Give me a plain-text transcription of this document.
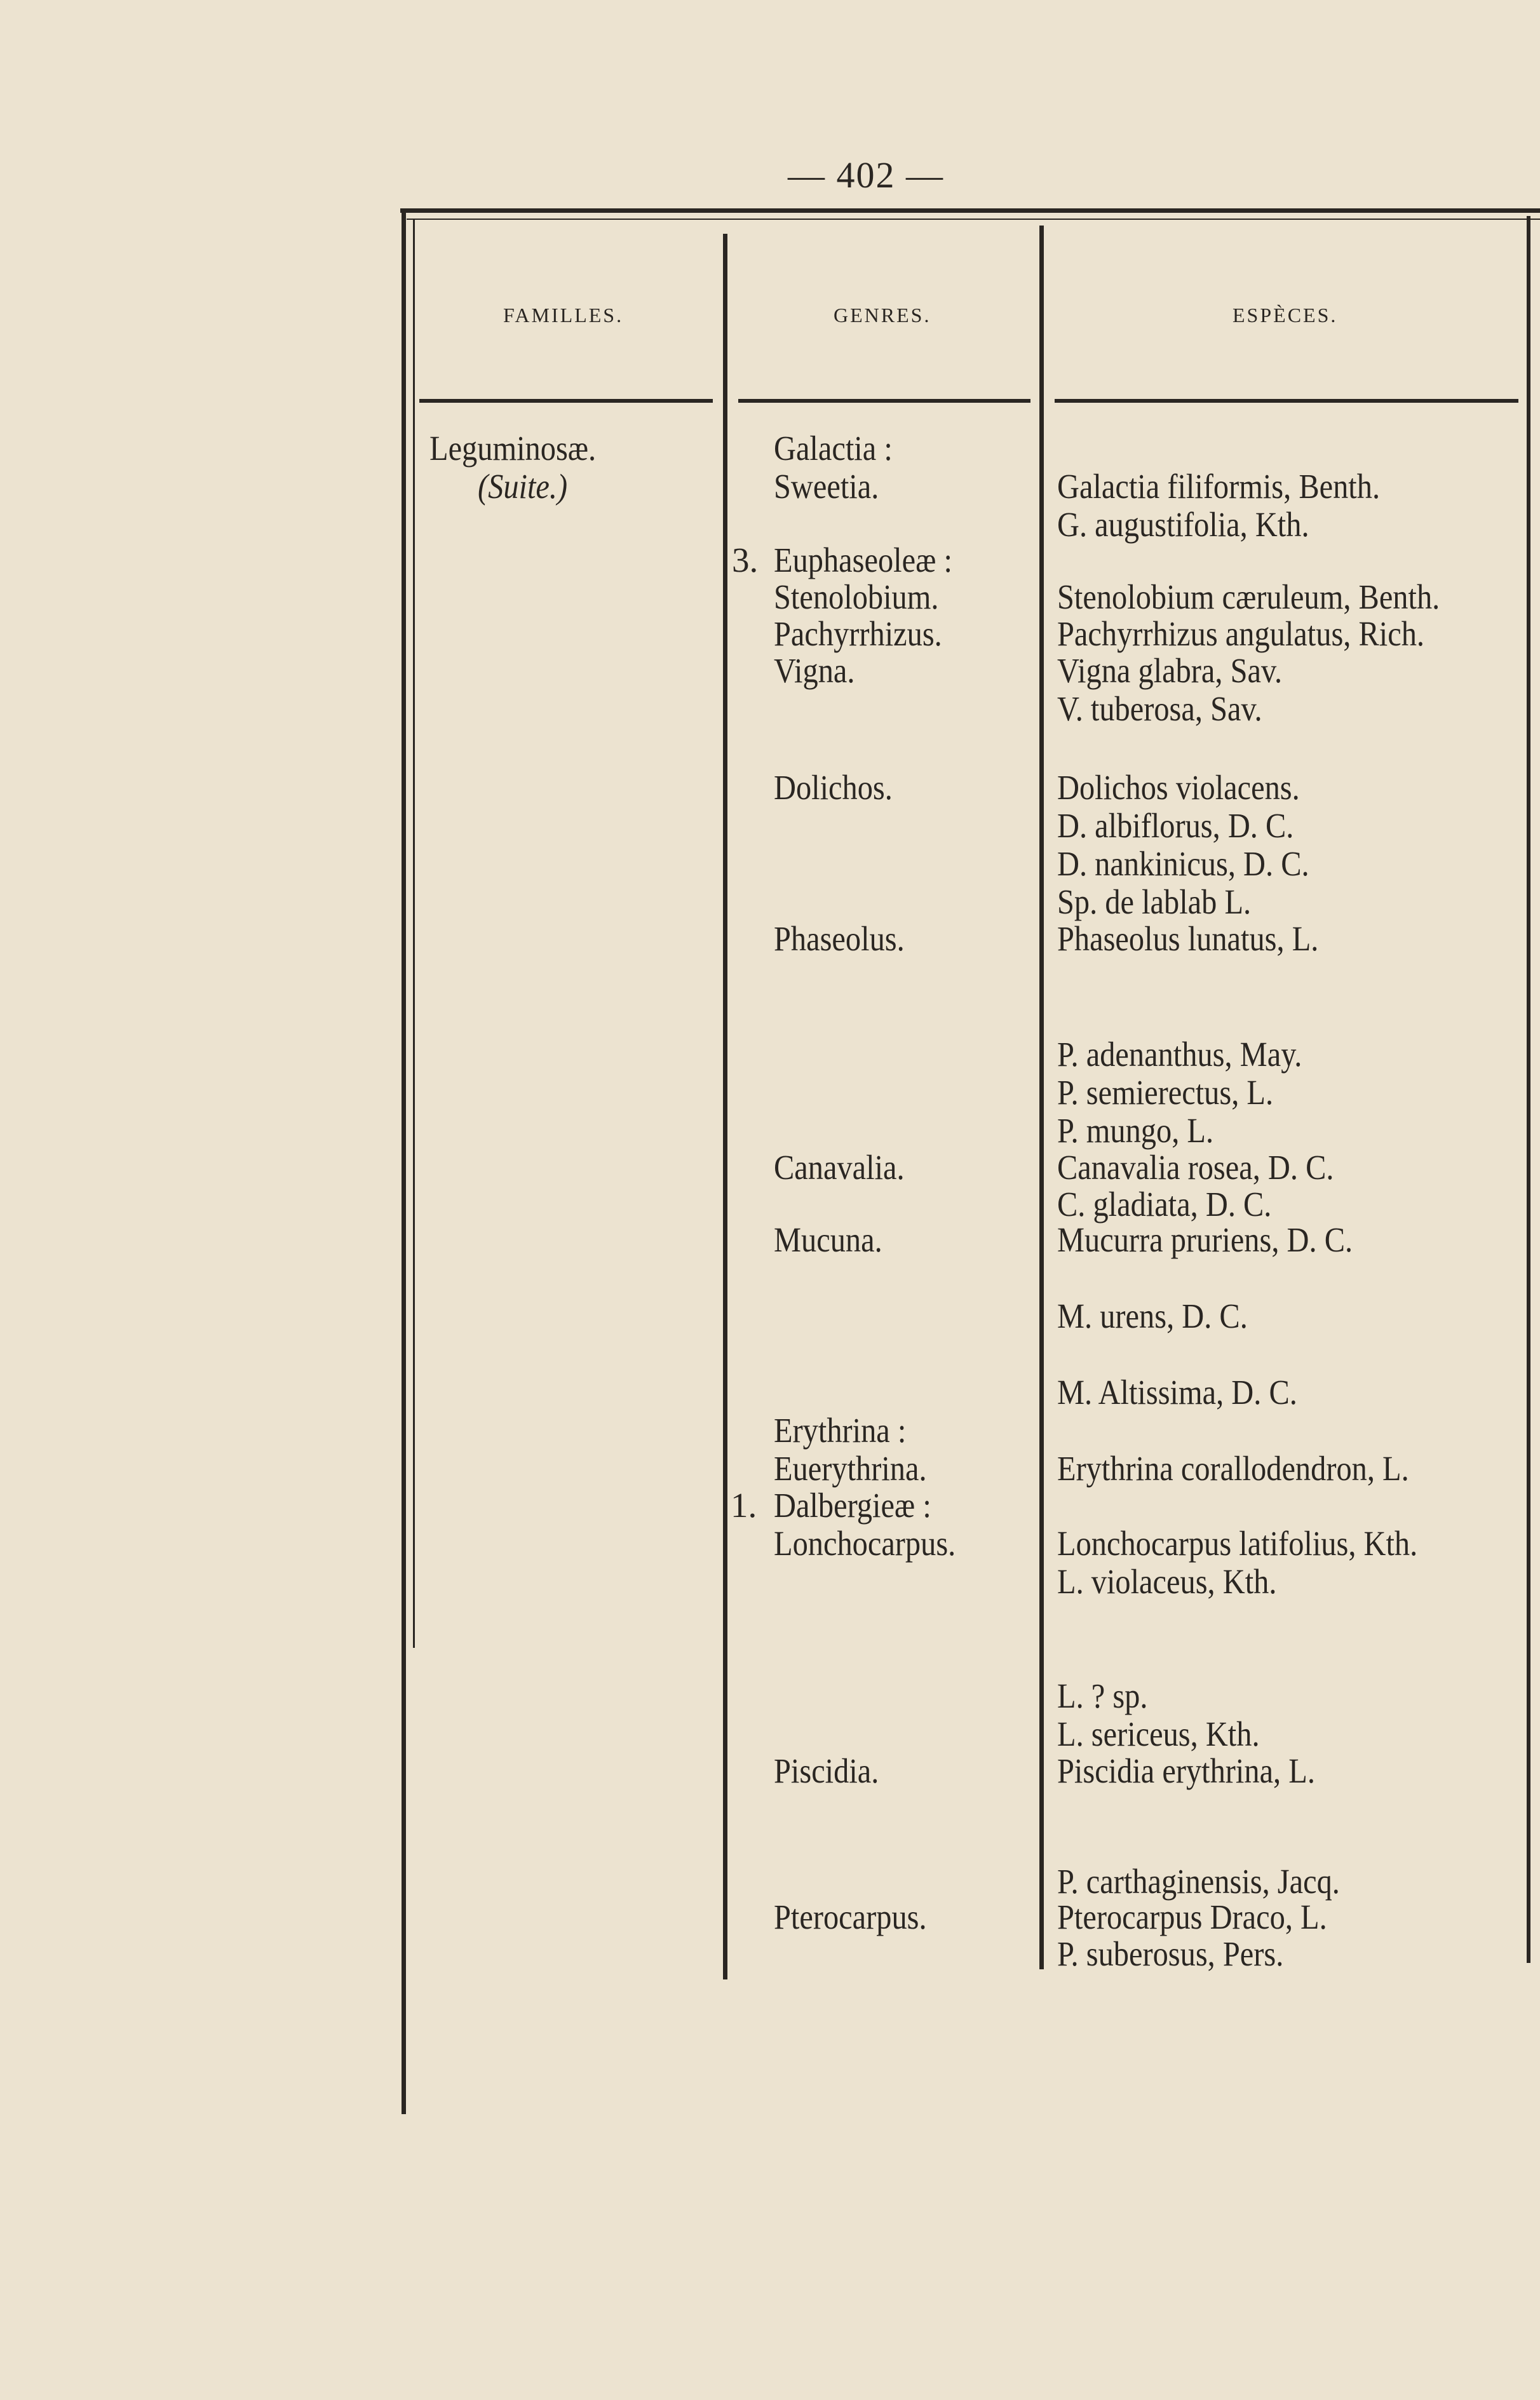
— 402 —
FAMILLES.	GENRES.	ESPÈCES.
Leguminosæ.
(Suite.)
Galactia :
Sweetia.
3. Euphaseoleæ :
Stenolobium.
Pachyrrhizus.
Vigna.
Dolichos.
Phaseolus.
Canavalia.
Mucuna.
Erythrina :
Euerythrina.
1. Dalbergieæ :
Lonchocarpus.
Piscidia.
Pterocarpus.
Galactia filiformis, Benth.
G. augustifolia, Kth.
Stenolobium cæruleum, Benth.
Pachyrrhizus angulatus, Rich.
Vigna glabra, Sav.
V. tuberosa, Sav.
Dolichos violacens.
D. albiflorus, D. C.
D. nankinicus, D. C.
Sp. de lablab L.
Phaseolus lunatus, L.
P. adenanthus, May.
P. semierectus, L.
P. mungo, L.
Canavalia rosea, D. C.
C. gladiata, D. C.
Mucurra pruriens, D. C.
M. urens, D. C.
M. Altissima, D. C.
Erythrina corallodendron, L.
Lonchocarpus latifolius, Kth.
L. violaceus, Kth.
L. ? sp.
L. sericeus, Kth.
Piscidia erythrina, L.
P. carthaginensis, Jacq.
Pterocarpus Draco, L.
P. suberosus, Pers.
